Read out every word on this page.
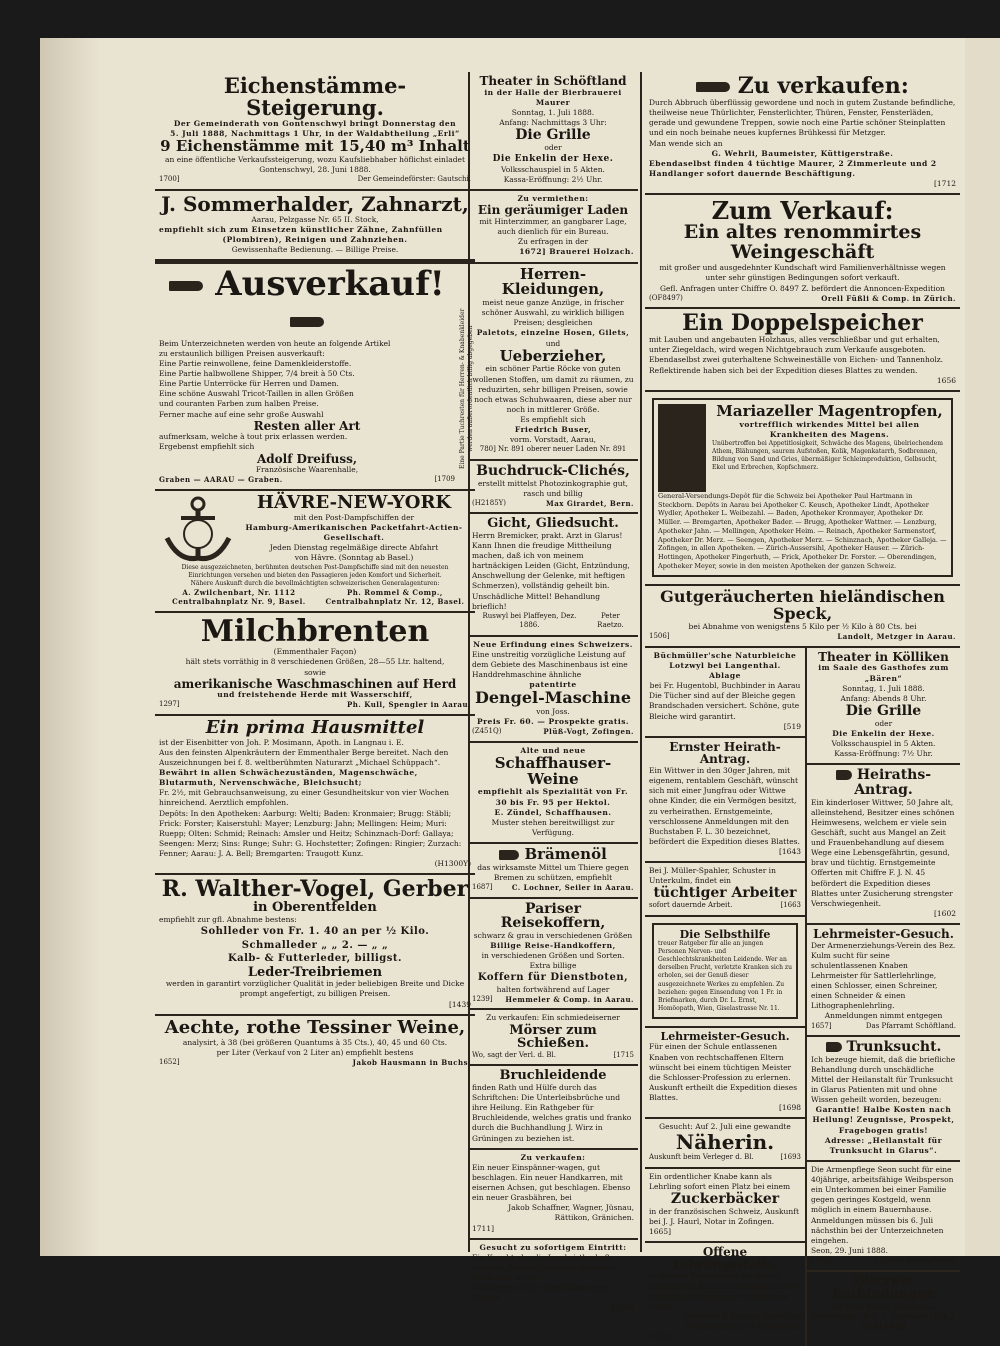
Eichenstämme-Steigerung.

Der Gemeinderath von Gontenschwyl bringt Donnerstag den

5. Juli 1888, Nachmittags 1 Uhr, in der Waldabtheilung „Erli“

9 Eichenstämme mit 15,40 m³ Inhalt

an eine öffentliche Verkaufssteigerung, wozu Kaufsliebhaber höflichst einladet

Gontenschwyl, 28. Juni 1888.

1700]	Der Gemeindeförster: Gautschi.
J. Sommerhalder, Zahnarzt,

Aarau, Pelzgasse Nr. 65 II. Stock,

empfiehlt sich zum Einsetzen künstlicher Zähne, Zahnfüllen

(Plombiren), Reinigen und Zahnziehen.

Gewissenhafte Bedienung. — Billige Preise.

Ausverkauf!

Beim Unterzeichneten werden von heute an folgende Artikel

zu erstaunlich billigen Preisen ausverkauft:

Eine Partie reinwollene, feine Damenkleiderstoffe.

Eine Partie halbwollene Shipper, 7/4 breit à 50 Cts.

Eine Partie Unterröcke für Herren und Damen.

Eine schöne Auswahl Tricot-Taillen in allen Größen

und couranten Farben zum halben Preise.

Ferner mache auf eine sehr große Auswahl

Resten aller Art

aufmerksam, welche à tout prix erlassen werden.

Ergebenst empfiehlt sich

Adolf Dreifuss,

Französische Waarenhalle,

Graben — AARAU — Graben.	[1709
Eine Partie Tuchresten für Herren- & Knabenkleider werden außerordentlich billig abgegeben
HÄVRE-NEW-YORK

mit den Post-Dampfschiffen der

Hamburg-Amerikanischen Packetfahrt-Actien-Gesellschaft.

Jeden Dienstag regelmäßige directe Abfahrt

von Hâvre. (Sonntag ab Basel.)

Diese ausgezeichneten, berühmten deutschen Post-Dampfschiffe sind mit den neuesten Einrichtungen versehen und bieten den Passagieren jeden Komfort und Sicherheit.

Nähere Auskunft durch die bevollmächtigten schweizerischen Generalagenturen:

A. Zwilchenbart, Nr. 1112 Centralbahnplatz Nr. 9, Basel.
Ph. Rommel & Comp., Centralbahnplatz Nr. 12, Basel.
Milchbrenten

(Emmenthaler Façon)

hält stets vorräthig in 8 verschiedenen Größen, 28—55 Ltr. haltend,

sowie

amerikanische Waschmaschinen auf Herd

und freistehende Herde mit Wasserschiff,

1297]	Ph. Kull, Spengler in Aarau.
Ein prima Hausmittel

ist der Eisenbitter von Joh. P. Mosimann, Apoth. in Langnau i. E.

Aus den feinsten Alpenkräutern der Emmenthaler Berge bereitet. Nach den Auszeichnungen bei f. 8. weltberühmten Naturarzt „Michael Schüppach“.

Bewährt in allen Schwächezuständen, Magenschwäche, Blutarmuth, Nervenschwäche, Bleichsucht;

Fr. 2½, mit Gebrauchsanweisung, zu einer Gesundheitskur von vier Wochen hinreichend. Aerztlich empfohlen.

Depôts: In den Apotheken: Aarburg: Welti; Baden: Kronmaier; Brugg: Stäbli; Frick: Forster; Kaiserstuhl: Mayer; Lenzburg: Jahn; Mellingen: Heim; Muri: Ruepp; Olten: Schmid; Reinach: Amsler und Heitz; Schinznach-Dorf: Gallaya; Seengen: Merz; Sins: Runge; Suhr: G. Hochstetter; Zofingen: Ringier; Zurzach: Fenner; Aarau: J. A. Bell; Bremgarten: Traugott Kunz.

(H1300Y)

R. Walther-Vogel, Gerber

in Oberentfelden

empfiehlt zur gfl. Abnahme bestens:

Sohlleder von Fr. 1. 40 an per ½ Kilo.

Schmalleder „ „ 2. — „ „

Kalb- & Futterleder, billigst.

Leder-Treibriemen

werden in garantirt vorzüglicher Qualität in jeder beliebigen Breite und Dicke prompt angefertigt, zu billigen Preisen.

[1439

Aechte, rothe Tessiner Weine,

analysirt, à 38 (bei größeren Quantums à 35 Cts.), 40, 45 und 60 Cts.

per Liter (Verkauf von 2 Liter an) empfiehlt bestens

1652]	Jakob Hausmann in Buchs.
Theater in Schöftland

in der Halle der Bierbrauerei Maurer

Sonntag, 1. Juli 1888.

Anfang: Nachmittags 3 Uhr:

Die Grille

oder

Die Enkelin der Hexe.

Volksschauspiel in 5 Akten.

Kassa-Eröffnung: 2½ Uhr.

Zu vermiethen:

Ein geräumiger Laden

mit Hinterzimmer, an gangbarer Lage, auch dienlich für ein Bureau.

Zu erfragen in der

1672] Brauerei Holzach.

Herren-Kleidungen,

meist neue ganze Anzüge, in frischer schöner Auswahl, zu wirklich billigen Preisen; desgleichen

Paletots, einzelne Hosen, Gilets,

und

Ueberzieher,

ein schöner Partie Röcke von guten wollenen Stoffen, um damit zu räumen, zu reduzirten, sehr billigen Preisen, sowie noch etwas Schuhwaaren, diese aber nur noch in mittlerer Größe.

Es empfiehlt sich

Friedrich Buser,

vorm. Vorstadt, Aarau,

780] Nr. 891 oberer neuer Laden Nr. 891

Buchdruck-Clichés,

erstellt mittelst Photozinkographie gut, rasch und billig

(H2185Y)	Max Girardet, Bern.
Gicht, Gliedsucht.

Herrn Bremicker, prakt. Arzt in Glarus! Kann Ihnen die freudige Mittheilung machen, daß ich von meinem hartnäckigen Leiden (Gicht, Entzündung, Anschwellung der Gelenke, mit heftigen Schmerzen), vollständig geheilt bin. Unschädliche Mittel! Behandlung brieflich!

Ruswyl bei Plaffeyen, Dez. 1886.
Peter Raetzo.

Neue Erfindung eines Schweizers.

Eine unstreitig vorzügliche Leistung auf dem Gebiete des Maschinenbaus ist eine Handdrehmaschine ähnliche

patentirte

Dengel-Maschine

von Joss.

Preis Fr. 60. — Prospekte gratis.

(Z451Q)	Plüß-Vogt, Zofingen.

Alte und neue

Schaffhauser-Weine

empfiehlt als Spezialität von Fr. 30 bis Fr. 95 per Hektol.

E. Zündel, Schaffhausen.

Muster stehen bereitwilligst zur Verfügung.

Brämenöl

das wirksamste Mittel um Thiere gegen Bremen zu schützen, empfiehlt

1687]	C. Lochner, Seiler in Aarau.
Pariser Reisekoffern,

schwarz & grau in verschiedenen Größen

Billige Reise-Handkoffern,

in verschiedenen Größen und Sorten.

Extra billige

Koffern für Dienstboten,

halten fortwährend auf Lager

1239] Hemmeler & Comp. in Aarau.

Zu verkaufen: Ein schmiedeiserner

Mörser zum Schießen.
Wo, sagt der Verl. d. Bl.	[1715
Bruchleidende

finden Rath und Hülfe durch das Schriftchen: Die Unterleibsbrüche und ihre Heilung. Ein Rathgeber für Bruchleidende, welches gratis und franko durch die Buchhandlung J. Wirz in Grüningen zu beziehen ist.

Zu verkaufen:

Ein neuer Einspänner-wagen, gut beschlagen. Ein neuer Handkarren, mit eisernen Achsen, gut beschlagen. Ebenso ein neuer Grasbähren, bei

Jakob Schaffner, Wagner, Jüsnau, Rättikon, Gränichen.

1711]

Gesucht zu sofortigem Eintritt:

Ein Knecht, der die Landwirthschaft versteht. Rechter Lohn und dauernde Stelle sind sicher.

Nachfrage bei der Expedition dieses Blattes.

[1688

Zu verkaufen:

Durch Abbruch überflüssig gewordene und noch in gutem Zustande befindliche, theilweise neue Thürlichter, Fensterlichter, Thüren, Fenster, Fensterläden, gerade und gewundene Treppen, sowie noch eine Partie schöner Steinplatten und ein noch beinahe neues kupfernes Brühkessi für Metzger.

Man wende sich an

G. Wehrli, Baumeister, Küttigerstraße.

Ebendaselbst finden 4 tüchtige Maurer, 2 Zimmerleute und 2 Handlanger sofort dauernde Beschäftigung.

[1712

Zum Verkauf:
Ein altes renommirtes Weingeschäft

mit großer und ausgedehnter Kundschaft wird Familienverhältnisse wegen unter sehr günstigen Bedingungen sofort verkauft.

Gefl. Anfragen unter Chiffre O. 8497 Z. befördert die Annoncen-Expedition

(OF8497)	Orell Füßli & Comp. in Zürich.
Ein Doppelspeicher

mit Lauben und angebauten Holzhaus, alles verschließbar und gut erhalten, unter Ziegeldach, wird wegen Nichtgebrauch zum Verkaufe ausgeboten. Ebendaselbst zwei guterhaltene Schweineställe von Eichen- und Tannenholz.

Reflektirende haben sich bei der Expedition dieses Blattes zu wenden.

1656

Mariazeller Magentropfen,

vortrefflich wirkendes Mittel bei allen Krankheiten des Magens.

Unübertroffen bei Appetitlosigkeit, Schwäche des Magens, übelriechendem Athem, Blähungen, saurem Aufstoßen, Kolik, Magenkatarrh, Sodbrennen, Bildung von Sand und Gries, übermäßiger Schleimproduktion, Gelbsucht, Ekel und Erbrechen, Kopfschmerz.

General-Versendungs-Depôt für die Schweiz bei Apotheker Paul Hartmann in Steckborn. Depôts in Aarau bei Apotheker C. Keusch, Apotheker Lindt, Apotheker Wydler, Apotheker L. Weibezahl. — Baden, Apotheker Kronmayer, Apotheker Dr. Müller. — Bremgarten, Apotheker Bader. — Brugg, Apotheker Wattner. — Lenzburg, Apotheker Jahn. — Mellingen, Apotheker Heim. — Reinach, Apotheker Sarmenstorf, Apotheker Dr. Merz. — Seengen, Apotheker Merz. — Schinznach, Apotheker Galleja. — Zofingen, in allen Apotheken. — Zürich-Aussersihl, Apotheker Hauser. — Zürich-Hottingen, Apotheker Fingerhuth, — Frick, Apotheker Dr. Forster. — Oberendingen, Apotheker Meyer, sowie in den meisten Apotheken der ganzen Schweiz.

Gutgeräucherten hieländischen Speck,

bei Abnahme von wenigstens 5 Kilo per ½ Kilo à 80 Cts. bei

1506]	Landolt, Metzger in Aarau.

Büchmüller'sche Naturbleiche Lotzwyl bei Langenthal.

Ablage

bei Fr. Hugentobl, Buchbinder in Aarau

Die Tücher sind auf der Bleiche gegen Brandschaden versichert. Schöne, gute Bleiche wird garantirt.

[519

Ernster Heirath-Antrag.

Ein Wittwer in den 30ger Jahren, mit eigenem, rentablem Geschäft, wünscht sich mit einer Jungfrau oder Wittwe ohne Kinder, die ein Vermögen besitzt, zu verheirathen. Ernstgemeinte, verschlossene Anmeldungen mit den Buchstaben F. L. 30 bezeichnet, befördert die Expedition dieses Blattes.

[1643

Bei J. Müller-Spahler, Schuster in Unterkulm, findet ein

tüchtiger Arbeiter
sofort dauernde Arbeit.	[1663
Die Selbsthilfe

treuer Ratgeber für alle an jungen Personen Nerven- und Geschlechtskrankheiten Leidende. Wer an derselben Frucht, verletzte Kranken sich zu erholen, sei der Genuß dieser ausgezeichnete Werkes zu empfehlen. Zu beziehen: gegen Einsendung von 1 Fr. in Briefmarken, durch Dr. L. Ernst, Homöopath, Wien, Giselastrasse Nr. 11.

Lehrmeister-Gesuch.

Für einen der Schule entlassenen Knaben von rechtschaffenen Eltern wünscht bei einem tüchtigen Meister die Schlosser-Profession zu erlernen.

Auskunft ertheilt die Expedition dieses Blattes.

[1698

Gesucht: Auf 2. Juli eine gewandte

Näherin.
Auskunft beim Verleger d. Bl.	[1693

Ein ordentlicher Knabe kann als Lehrling sofort einen Platz bei einem

Zuckerbäcker

in der französischen Schweiz, Auskunft bei J. J. Haurl, Notar in Zofingen.

1665]

Offene Lehrlingsstelle.

In unserm Bureau kann ein braver Jüngling mit Bezirksschulbildung unter ähnlichen Bedingungen in die Lehre treten.

Schildler & Fischer, Hanf- und Flachsspinnerei in Hirschthal.

1691]

Theater in Kölliken

im Saale des Gasthofes zum „Bären“

Sonntag, 1. Juli 1888.

Anfang: Abends 8 Uhr.

Die Grille

oder

Die Enkelin der Hexe.

Volksschauspiel in 5 Akten.

Kassa-Eröffnung: 7½ Uhr.

Heiraths-Antrag.

Ein kinderloser Wittwer, 50 Jahre alt, alleinstehend, Besitzer eines schönen Heimwesens, welchem er viele sein Geschäft, sucht aus Mangel an Zeit und Frauenbehandlung auf diesem Wege eine Lebensgefährtin, gesund, brav und tüchtig. Ernstgemeinte Offerten mit Chiffre F. J. N. 45 befördert die Expedition dieses Blattes unter Zusicherung strengster Verschwiegenheit.

[1602

Lehrmeister-Gesuch.

Der Armenerziehungs-Verein des Bez. Kulm sucht für seine schulentlassenen Knaben Lehrmeister für Sattlerlehrlinge, einen Schlosser, einen Schreiner, einen Schneider & einen Lithographenlehrling.

Anmeldungen nimmt entgegen

1657]	Das Pfarramt Schöftland.
Trunksucht.

Ich bezeuge hiemit, daß die briefliche Behandlung durch unschädliche Mittel der Heilanstalt für Trunksucht in Glarus Patienten mit und ohne Wissen geheilt worden, bezeugen:

Garantie! Halbe Kosten nach Heilung! Zeugnisse, Prospekt, Fragebogen gratis!

Adresse: „Heilanstalt für Trunksucht in Glarus“.

Die Armenpflege Seon sucht für eine 40jährige, arbeitsfähige Weibsperson ein Unterkommen bei einer Familie gegen geringes Kostgeld, wenn möglich in einem Bauernhause.

Anmeldungen müssen bis 6. Juli nächsthin bei der Unterzeichneten eingehen.

Seon, 29. Juni 1888.

1720]	S. Glaur, Armenpfleger.
Discrete Entbindungen

bei Frau Buffer, Hebamme,

Pfefferstr. Nr. 7, Colmar (Els.) [H3180Q]
